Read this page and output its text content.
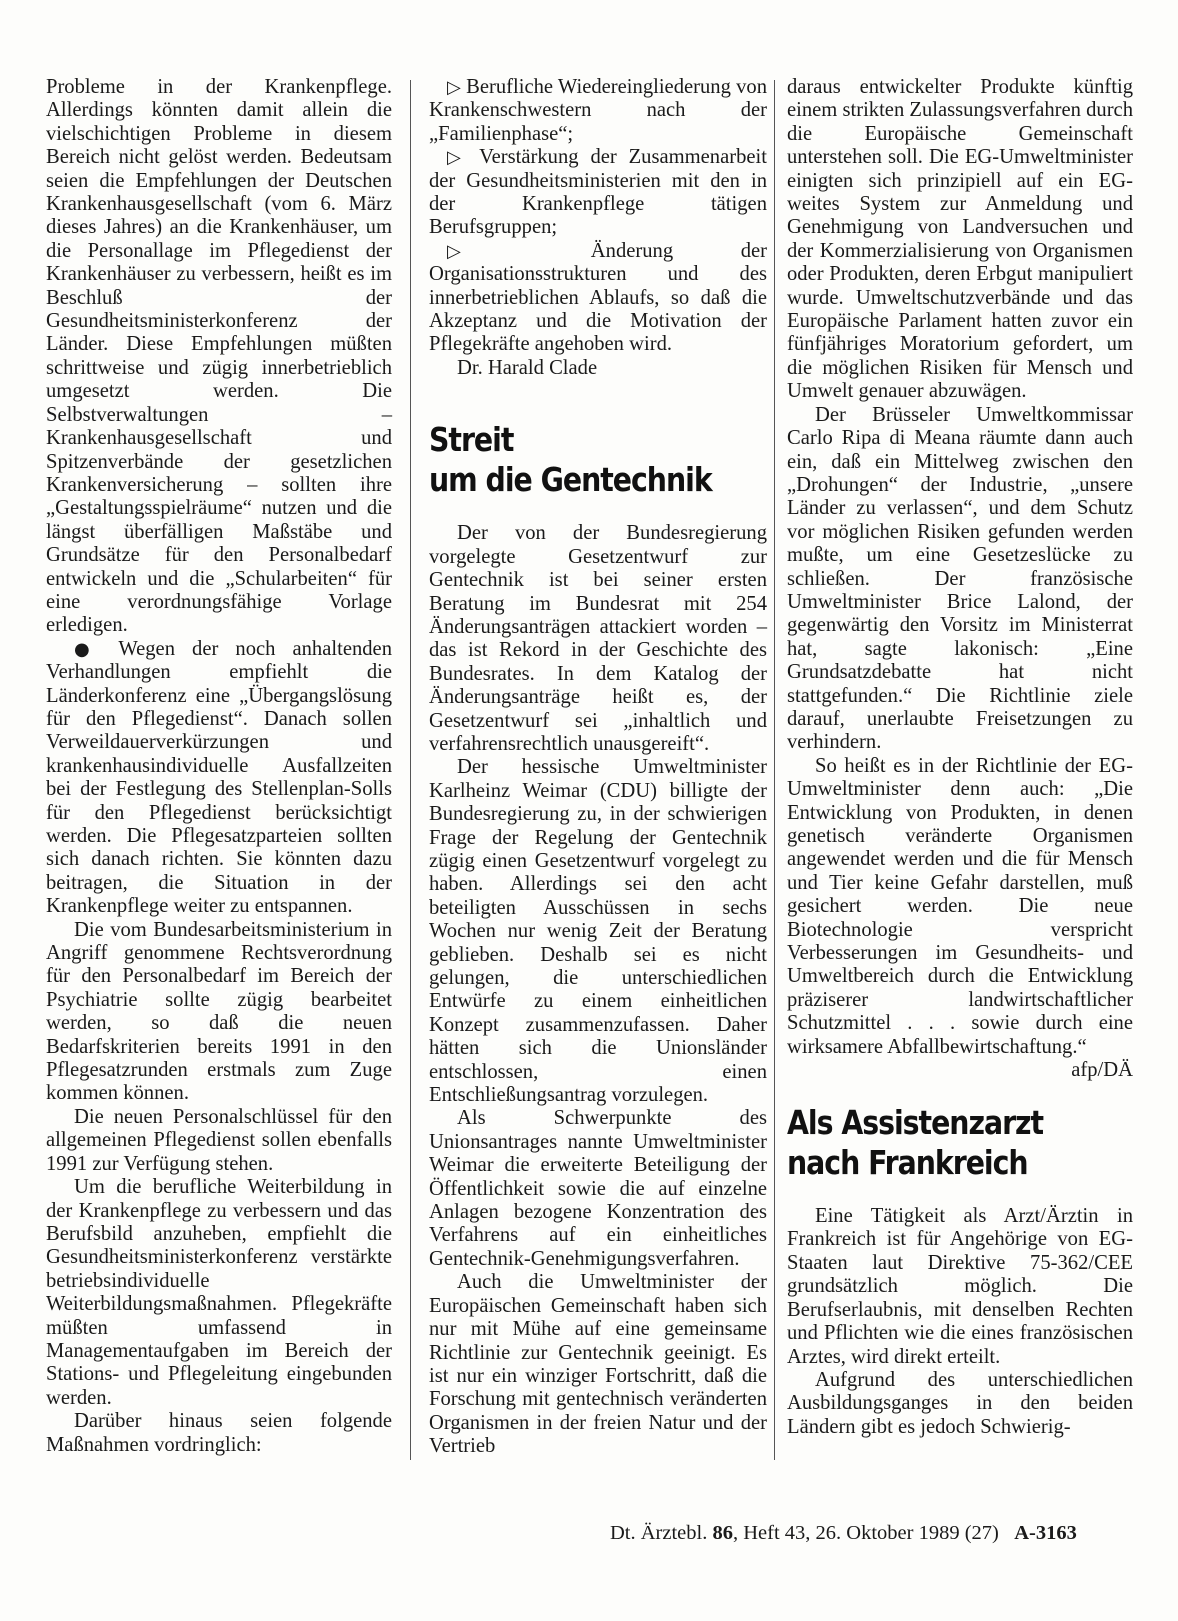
Probleme in der Krankenpflege. Allerdings könnten damit allein die vielschichtigen Probleme in diesem Bereich nicht gelöst werden. Bedeutsam seien die Empfehlungen der Deutschen Krankenhausgesellschaft (vom 6. März dieses Jahres) an die Krankenhäuser, um die Personallage im Pflegedienst der Krankenhäuser zu verbessern, heißt es im Beschluß der Gesundheitsministerkonferenz der Länder. Diese Empfehlungen müßten schrittweise und zügig innerbetrieblich umgesetzt werden. Die Selbstverwaltungen – Krankenhausgesellschaft und Spitzenverbände der gesetzlichen Krankenversicherung – sollten ihre „Gestaltungsspielräume“ nutzen und die längst überfälligen Maßstäbe und Grundsätze für den Personalbedarf entwickeln und die „Schularbeiten“ für eine verordnungsfähige Vorlage erledigen.

● Wegen der noch anhaltenden Verhandlungen empfiehlt die Länderkonferenz eine „Übergangslösung für den Pflegedienst“. Danach sollen Verweildauerverkürzungen und krankenhausindividuelle Ausfallzeiten bei der Festlegung des Stellenplan-Solls für den Pflegedienst berücksichtigt werden. Die Pflegesatzparteien sollten sich danach richten. Sie könnten dazu beitragen, die Situation in der Krankenpflege weiter zu entspannen.

Die vom Bundesarbeitsministerium in Angriff genommene Rechtsverordnung für den Personalbedarf im Bereich der Psychiatrie sollte zügig bearbeitet werden, so daß die neuen Bedarfskriterien bereits 1991 in den Pflegesatzrunden erstmals zum Zuge kommen können.

Die neuen Personalschlüssel für den allgemeinen Pflegedienst sollen ebenfalls 1991 zur Verfügung stehen.

Um die berufliche Weiterbildung in der Krankenpflege zu verbessern und das Berufsbild anzuheben, empfiehlt die Gesundheitsministerkonferenz verstärkte betriebsindividuelle Weiterbildungsmaßnahmen. Pflegekräfte müßten umfassend in Managementaufgaben im Bereich der Stations- und Pflegeleitung eingebunden werden.

Darüber hinaus seien folgende Maßnahmen vordringlich:

▷ Berufliche Wiedereingliederung von Krankenschwestern nach der „Familienphase“;

▷ Verstärkung der Zusammenarbeit der Gesundheitsministerien mit den in der Krankenpflege tätigen Berufsgruppen;

▷	Änderung der Organisationsstrukturen und des innerbetrieblichen Ablaufs, so daß die Akzeptanz und die Motivation der Pflegekräfte angehoben wird.

Dr. Harald Clade

Streit
um die Gentechnik

Der von der Bundesregierung vorgelegte Gesetzentwurf zur Gentechnik ist bei seiner ersten Beratung im Bundesrat mit 254 Änderungsanträgen attackiert worden – das ist Rekord in der Geschichte des Bundesrates. In dem Katalog der Änderungsanträge heißt es, der Gesetzentwurf sei „inhaltlich und verfahrensrechtlich unausgereift“.

Der hessische Umweltminister Karlheinz Weimar (CDU) billigte der Bundesregierung zu, in der schwierigen Frage der Regelung der Gentechnik zügig einen Gesetzentwurf vorgelegt zu haben. Allerdings sei den acht beteiligten Ausschüssen in sechs Wochen nur wenig Zeit der Beratung geblieben. Deshalb sei es nicht gelungen, die unterschiedlichen Entwürfe zu einem einheitlichen Konzept zusammenzufassen. Daher hätten sich die Unionsländer entschlossen, einen Entschließungsantrag vorzulegen.

Als Schwerpunkte des Unionsantrages nannte Umweltminister Weimar die erweiterte Beteiligung der Öffentlichkeit sowie die auf einzelne Anlagen bezogene Konzentration des Verfahrens auf ein einheitliches Gentechnik-Genehmigungsverfahren.

Auch die Umweltminister der Europäischen Gemeinschaft haben sich nur mit Mühe auf eine gemeinsame Richtlinie zur Gentechnik geeinigt. Es ist nur ein winziger Fortschritt, daß die Forschung mit gentechnisch veränderten Organismen in der freien Natur und der Vertrieb

daraus entwickelter Produkte künftig einem strikten Zulassungsverfahren durch die Europäische Gemeinschaft unterstehen soll. Die EG-Umweltminister einigten sich prinzipiell auf ein EG-weites System zur Anmeldung und Genehmigung von Landversuchen und der Kommerzialisierung von Organismen oder Produkten, deren Erbgut manipuliert wurde. Umweltschutzverbände und das Europäische Parlament hatten zuvor ein fünfjähriges Moratorium gefordert, um die möglichen Risiken für Mensch und Umwelt genauer abzuwägen.

Der Brüsseler Umweltkommissar Carlo Ripa di Meana räumte dann auch ein, daß ein Mittelweg zwischen den „Drohungen“ der Industrie, „unsere Länder zu verlassen“, und dem Schutz vor möglichen Risiken gefunden werden mußte, um eine Gesetzeslücke zu schließen. Der französische Umweltminister Brice Lalond, der gegenwärtig den Vorsitz im Ministerrat hat, sagte lakonisch: „Eine Grundsatzdebatte hat nicht stattgefunden.“ Die Richtlinie ziele darauf, unerlaubte Freisetzungen zu verhindern.

So heißt es in der Richtlinie der EG-Umweltminister denn auch: „Die Entwicklung von Produkten, in denen genetisch veränderte Organismen angewendet werden und die für Mensch und Tier keine Gefahr darstellen, muß gesichert werden. Die neue Biotechnologie verspricht Verbesserungen im Gesundheits- und Umweltbereich durch die Entwicklung präziserer landwirtschaftlicher Schutzmittel . . . sowie durch eine wirksamere Abfallbewirtschaftung.“
afp/DÄ

Als Assistenzarzt
nach Frankreich

Eine Tätigkeit als Arzt/Ärztin in Frankreich ist für Angehörige von EG-Staaten laut Direktive 75-362/CEE grundsätzlich möglich. Die Berufserlaubnis, mit denselben Rechten und Pflichten wie die eines französischen Arztes, wird direkt erteilt.

Aufgrund des unterschiedlichen Ausbildungsganges in den beiden Ländern gibt es jedoch Schwierig-

Dt. Ärztebl. 86, Heft 43, 26. Oktober 1989 (27) A-3163
